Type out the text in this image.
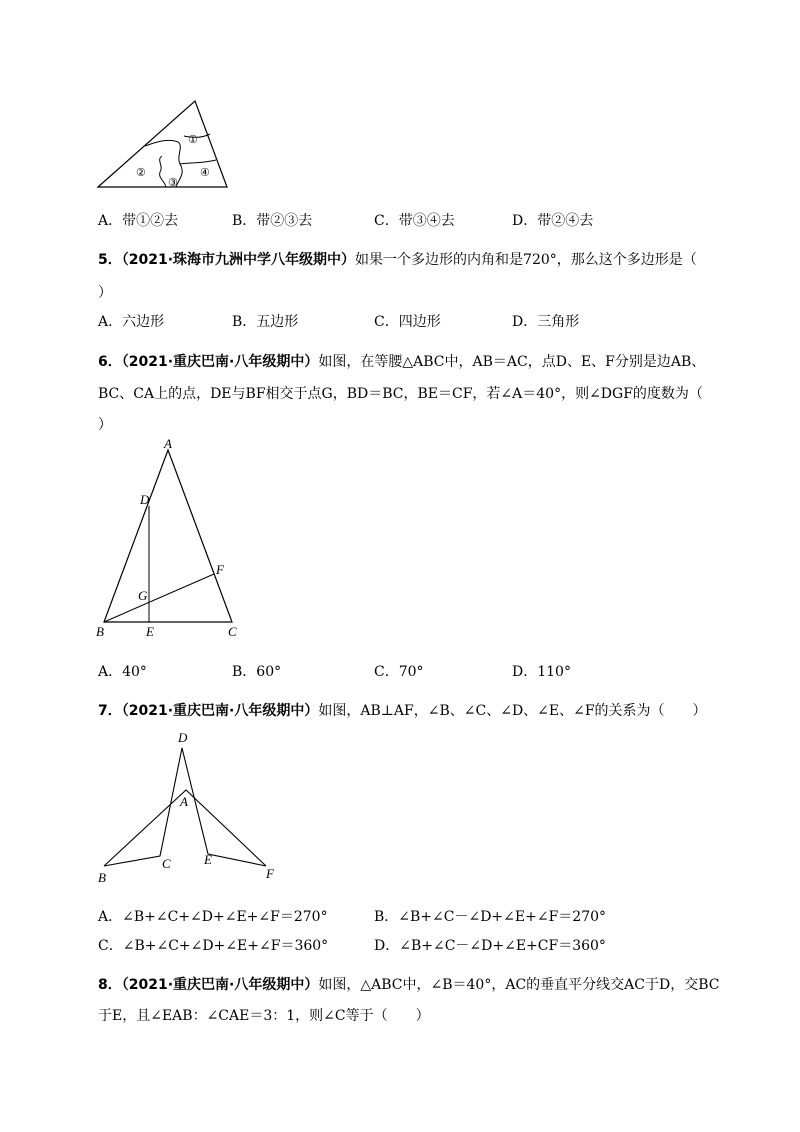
①
②
③
④
A．带①②去	B．带②③去	C．带③④去	D．带②④去
5．（2021·珠海市九洲中学八年级期中）如果一个多边形的内角和是720°，那么这个多边形是（
）
A．六边形	B．五边形	C．四边形	D．三角形
6．（2021·重庆巴南·八年级期中）如图，在等腰△ABC中，AB＝AC，点D、E、F分别是边AB、
BC、CA上的点，DE与BF相交于点G，BD＝BC，BE＝CF，若∠A＝40°，则∠DGF的度数为（
）
A
D
F
G
B	E	C
A．40°	B．60°	C．70°	D．110°
7．（2021·重庆巴南·八年级期中）如图，AB⊥AF，∠B、∠C、∠D、∠E、∠F的关系为（　　）
D
A
C	E
B	F
A．∠B+∠C+∠D+∠E+∠F＝270°	B．∠B+∠C－∠D+∠E+∠F＝270°
C．∠B+∠C+∠D+∠E+∠F＝360°	D．∠B+∠C－∠D+∠E+CF＝360°
8．（2021·重庆巴南·八年级期中）如图，△ABC中，∠B＝40°，AC的垂直平分线交AC于D，交BC
于E，且∠EAB：∠CAE＝3：1，则∠C等于（　　）
